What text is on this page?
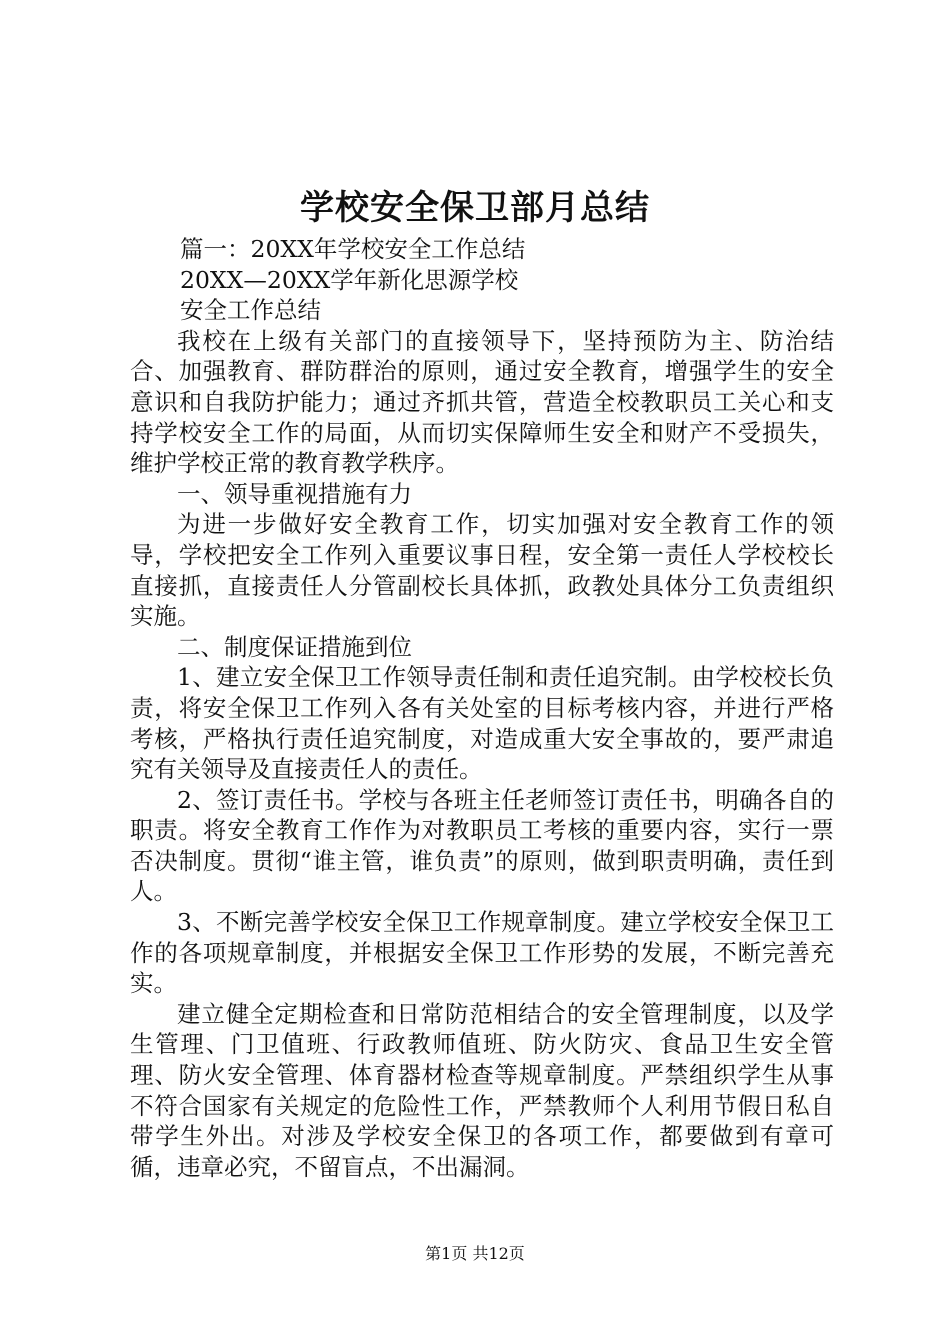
学校安全保卫部月总结

篇一：20XX年学校安全工作总结

20XX—20XX学年新化思源学校

安全工作总结

我校在上级有关部门的直接领导下，坚持预防为主、防治结合、加强教育、群防群治的原则，通过安全教育，增强学生的安全意识和自我防护能力；通过齐抓共管，营造全校教职员工关心和支持学校安全工作的局面，从而切实保障师生安全和财产不受损失，维护学校正常的教育教学秩序。

一、领导重视措施有力

为进一步做好安全教育工作，切实加强对安全教育工作的领导，学校把安全工作列入重要议事日程，安全第一责任人学校校长直接抓，直接责任人分管副校长具体抓，政教处具体分工负责组织实施。

二、制度保证措施到位

1、建立安全保卫工作领导责任制和责任追究制。由学校校长负责，将安全保卫工作列入各有关处室的目标考核内容，并进行严格考核，严格执行责任追究制度，对造成重大安全事故的，要严肃追究有关领导及直接责任人的责任。

2、签订责任书。学校与各班主任老师签订责任书，明确各自的职责。将安全教育工作作为对教职员工考核的重要内容，实行一票否决制度。贯彻“谁主管，谁负责”的原则，做到职责明确，责任到人。

3、不断完善学校安全保卫工作规章制度。建立学校安全保卫工作的各项规章制度，并根据安全保卫工作形势的发展，不断完善充实。

建立健全定期检查和日常防范相结合的安全管理制度，以及学生管理、门卫值班、行政教师值班、防火防灾、食品卫生安全管理、防火安全管理、体育器材检查等规章制度。严禁组织学生从事不符合国家有关规定的危险性工作，严禁教师个人利用节假日私自带学生外出。对涉及学校安全保卫的各项工作，都要做到有章可循，违章必究，不留盲点，不出漏洞。

第1页 共12页
